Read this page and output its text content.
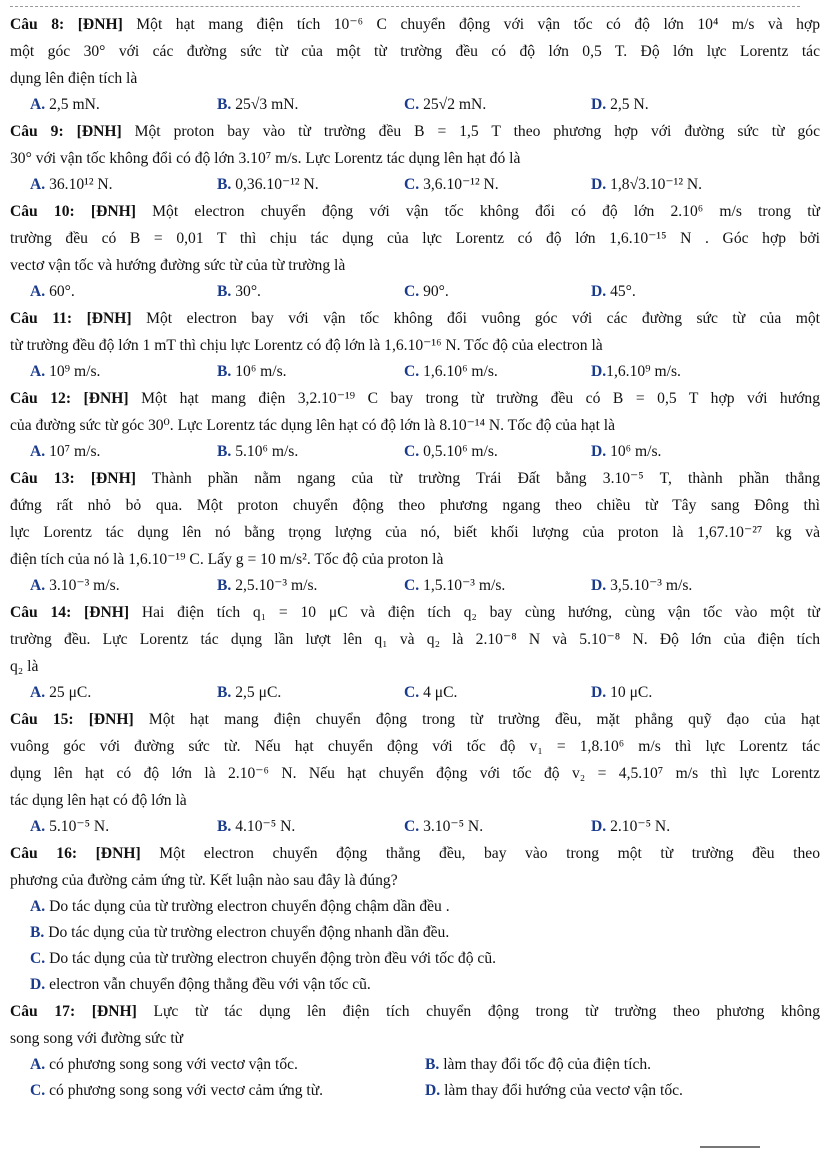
Câu 8: [ĐNH] Một hạt mang điện tích 10⁻⁶ C chuyển động với vận tốc có độ lớn 10⁴ m/s và hợp
một góc 30° với các đường sức từ của một từ trường đều có độ lớn 0,5 T. Độ lớn lực Lorentz tác
dụng lên điện tích là
A. 2,5 mN.	B. 25√3 mN.	C. 25√2 mN.	D. 2,5 N.
Câu 9: [ĐNH] Một proton bay vào từ trường đều B = 1,5 T theo phương hợp với đường sức từ góc
30° với vận tốc không đổi có độ lớn 3.10⁷ m/s. Lực Lorentz tác dụng lên hạt đó là
A. 36.10¹² N.	B. 0,36.10⁻¹² N.	C. 3,6.10⁻¹² N.	D. 1,8√3.10⁻¹² N.
Câu 10: [ĐNH] Một electron chuyển động với vận tốc không đổi có độ lớn 2.10⁶ m/s trong từ
trường đều có B = 0,01 T thì chịu tác dụng của lực Lorentz có độ lớn 1,6.10⁻¹⁵ N . Góc hợp bởi
vectơ vận tốc và hướng đường sức từ của từ trường là
A. 60°.	B. 30°.	C. 90°.	D. 45°.
Câu 11: [ĐNH] Một electron bay với vận tốc không đổi vuông góc với các đường sức từ của một
từ trường đều độ lớn 1 mT thì chịu lực Lorentz có độ lớn là 1,6.10⁻¹⁶ N. Tốc độ của electron là
A. 10⁹ m/s.	B. 10⁶ m/s.	C. 1,6.10⁶ m/s.	D.1,6.10⁹ m/s.
Câu 12: [ĐNH] Một hạt mang điện 3,2.10⁻¹⁹ C bay trong từ trường đều có B = 0,5 T hợp với hướng
của đường sức từ góc 30⁰. Lực Lorentz tác dụng lên hạt có độ lớn là 8.10⁻¹⁴ N. Tốc độ của hạt là
A. 10⁷ m/s.	B. 5.10⁶ m/s.	C. 0,5.10⁶ m/s.	D. 10⁶ m/s.
Câu 13: [ĐNH] Thành phần nằm ngang của từ trường Trái Đất bằng 3.10⁻⁵ T, thành phần thẳng
đứng rất nhỏ bỏ qua. Một proton chuyển động theo phương ngang theo chiều từ Tây sang Đông thì
lực Lorentz tác dụng lên nó bằng trọng lượng của nó, biết khối lượng của proton là 1,67.10⁻²⁷ kg và
điện tích của nó là 1,6.10⁻¹⁹ C. Lấy g = 10 m/s². Tốc độ của proton là
A. 3.10⁻³ m/s.	B. 2,5.10⁻³ m/s.	C. 1,5.10⁻³ m/s.	D. 3,5.10⁻³ m/s.
Câu 14: [ĐNH] Hai điện tích q₁ = 10 μC và điện tích q₂ bay cùng hướng, cùng vận tốc vào một từ
trường đều. Lực Lorentz tác dụng lần lượt lên q₁ và q₂ là 2.10⁻⁸ N và 5.10⁻⁸ N. Độ lớn của điện tích
q₂ là
A. 25 μC.	B. 2,5 μC.	C. 4 μC.	D. 10 μC.
Câu 15: [ĐNH] Một hạt mang điện chuyển động trong từ trường đều, mặt phẳng quỹ đạo của hạt
vuông góc với đường sức từ. Nếu hạt chuyển động với tốc độ v₁ = 1,8.10⁶ m/s thì lực Lorentz tác
dụng lên hạt có độ lớn là 2.10⁻⁶ N. Nếu hạt chuyển động với tốc độ v₂ = 4,5.10⁷ m/s thì lực Lorentz
tác dụng lên hạt có độ lớn là
A. 5.10⁻⁵ N.	B. 4.10⁻⁵ N.	C. 3.10⁻⁵ N.	D. 2.10⁻⁵ N.
Câu 16: [ĐNH] Một electron chuyển động thẳng đều, bay vào trong một từ trường đều theo
phương của đường cảm ứng từ. Kết luận nào sau đây là đúng?
A. Do tác dụng của từ trường electron chuyển động chậm dần đều .
B. Do tác dụng của từ trường electron chuyển động nhanh dần đều.
C. Do tác dụng của từ trường electron chuyển động tròn đều với tốc độ cũ.
D. electron vẫn chuyển động thẳng đều với vận tốc cũ.
Câu 17: [ĐNH] Lực từ tác dụng lên điện tích chuyển động trong từ trường theo phương không
song song với đường sức từ
A. có phương song song với vectơ vận tốc.	B. làm thay đổi tốc độ của điện tích.
C. có phương song song với vectơ cảm ứng từ.	D. làm thay đổi hướng của vectơ vận tốc.
